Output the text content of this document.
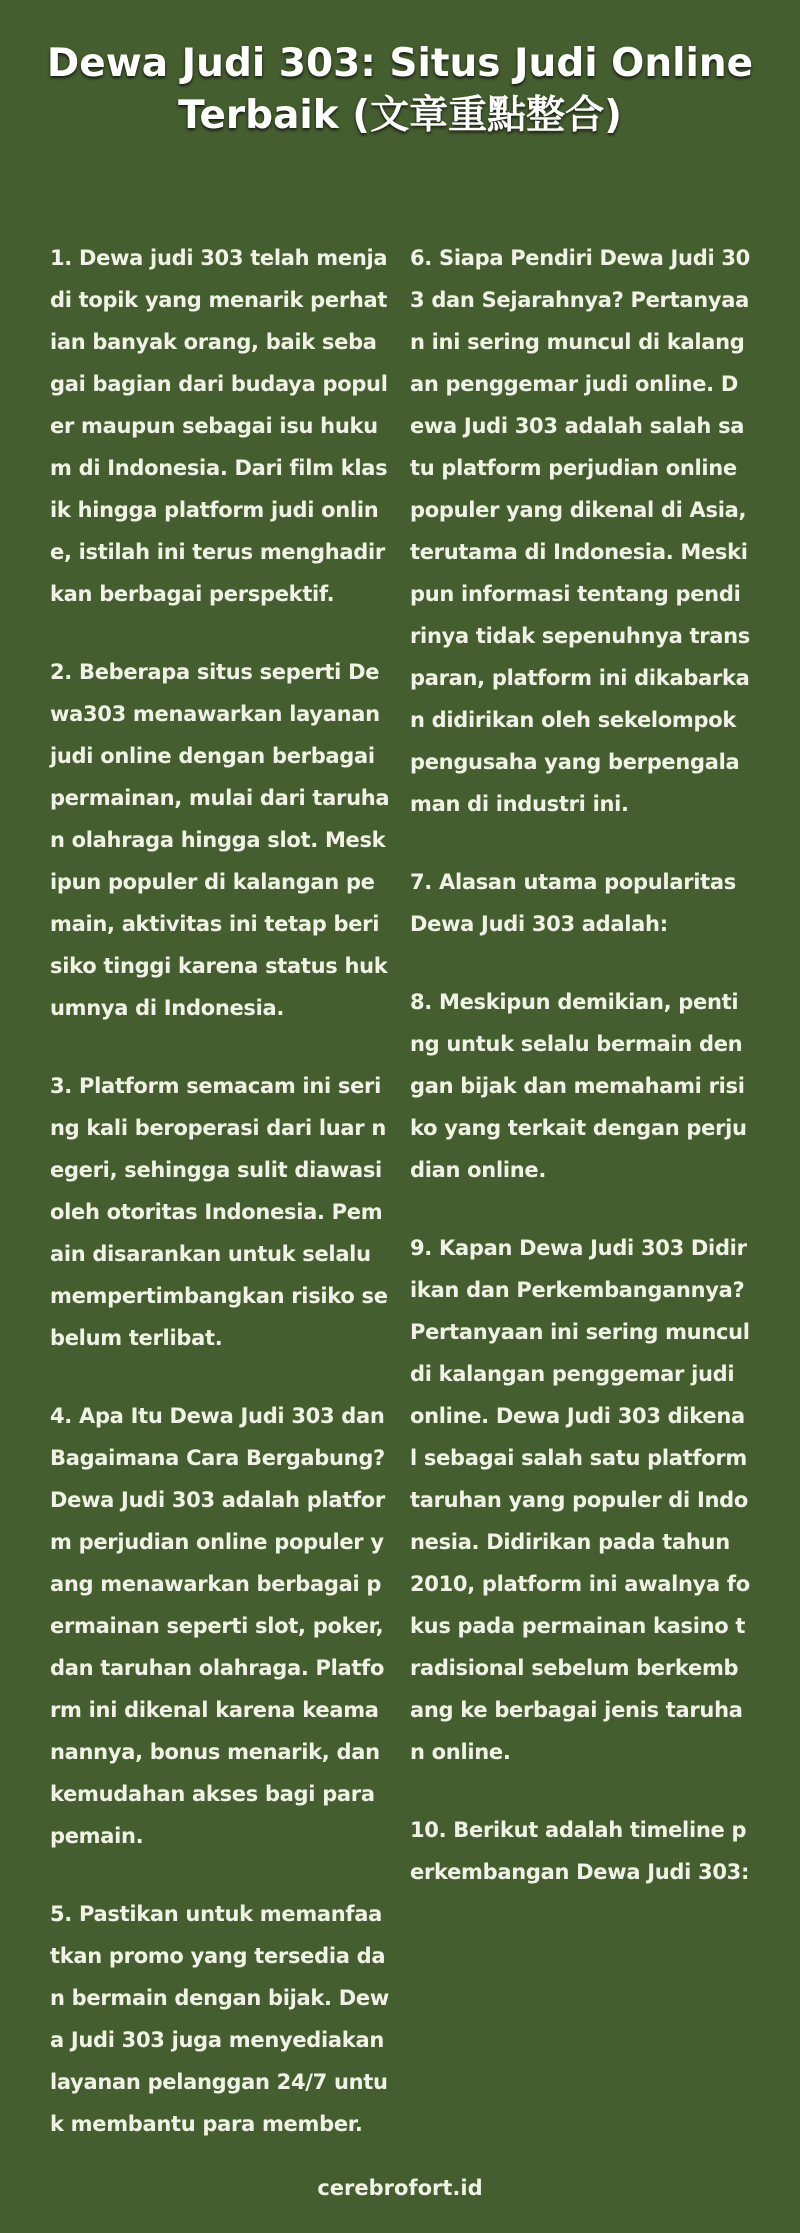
Dewa Judi 303: Situs Judi Online Terbaik (文章重點整合)

1. Dewa judi 303 telah menjadi topik yang menarik perhatian banyak orang, baik sebagai bagian dari budaya populer maupun sebagai isu hukum di Indonesia. Dari film klasik hingga platform judi online, istilah ini terus menghadirkan berbagai perspektif.

2. Beberapa situs seperti Dewa303 menawarkan layanan judi online dengan berbagai permainan, mulai dari taruhan olahraga hingga slot. Meskipun populer di kalangan pemain, aktivitas ini tetap berisiko tinggi karena status hukumnya di Indonesia.

3. Platform semacam ini sering kali beroperasi dari luar negeri, sehingga sulit diawasi oleh otoritas Indonesia. Pemain disarankan untuk selalu mempertimbangkan risiko sebelum terlibat.

4. Apa Itu Dewa Judi 303 dan Bagaimana Cara Bergabung? Dewa Judi 303 adalah platform perjudian online populer yang menawarkan berbagai permainan seperti slot, poker, dan taruhan olahraga. Platform ini dikenal karena keamanannya, bonus menarik, dan kemudahan akses bagi para pemain.

5. Pastikan untuk memanfaatkan promo yang tersedia dan bermain dengan bijak. Dewa Judi 303 juga menyediakan layanan pelanggan 24/7 untuk membantu para member.

6. Siapa Pendiri Dewa Judi 303 dan Sejarahnya? Pertanyaan ini sering muncul di kalangan penggemar judi online. Dewa Judi 303 adalah salah satu platform perjudian online populer yang dikenal di Asia, terutama di Indonesia. Meskipun informasi tentang pendirinya tidak sepenuhnya transparan, platform ini dikabarkan didirikan oleh sekelompok pengusaha yang berpengalaman di industri ini.

7. Alasan utama popularitas Dewa Judi 303 adalah:

8. Meskipun demikian, penting untuk selalu bermain dengan bijak dan memahami risiko yang terkait dengan perjudian online.

9. Kapan Dewa Judi 303 Didirikan dan Perkembangannya? Pertanyaan ini sering muncul di kalangan penggemar judi online. Dewa Judi 303 dikenal sebagai salah satu platform taruhan yang populer di Indonesia. Didirikan pada tahun 2010, platform ini awalnya fokus pada permainan kasino tradisional sebelum berkembang ke berbagai jenis taruhan online.

10. Berikut adalah timeline perkembangan Dewa Judi 303:

cerebrofort.id
